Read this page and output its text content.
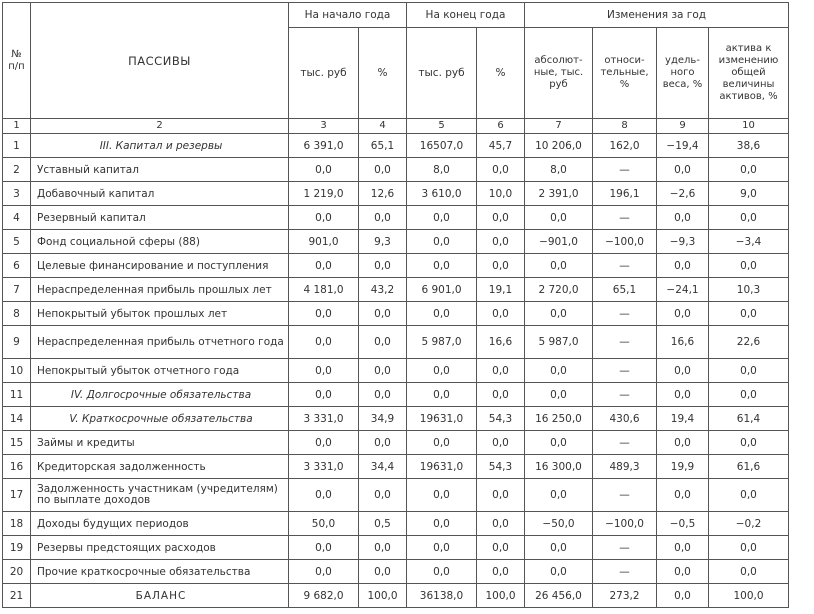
№ п/п	ПАССИВЫ	На начало года		На конец года		Изменения за год			
		тыс. руб	%	тыс. руб	%	абсолют-ные, тыс. руб	относи-тельные, %	удель-ного веса, %	актива к изменению общей величины активов, %
1	2	3	4	5	6	7	8	9	10
1	III. Капитал и резервы	6 391,0	65,1	16507,0	45,7	10 206,0	162,0	−19,4	38,6
2	Уставный капитал	0,0	0,0	8,0	0,0	8,0	—	0,0	0,0
3	Добавочный капитал	1 219,0	12,6	3 610,0	10,0	2 391,0	196,1	−2,6	9,0
4	Резервный капитал	0,0	0,0	0,0	0,0	0,0	—	0,0	0,0
5	Фонд социальной сферы (88)	901,0	9,3	0,0	0,0	−901,0	−100,0	−9,3	−3,4
6	Целевые финансирование и поступления	0,0	0,0	0,0	0,0	0,0	—	0,0	0,0
7	Нераспределенная прибыль прошлых лет	4 181,0	43,2	6 901,0	19,1	2 720,0	65,1	−24,1	10,3
8	Непокрытый убыток прошлых лет	0,0	0,0	0,0	0,0	0,0	—	0,0	0,0
9	Нераспределенная прибыль отчетного года	0,0	0,0	5 987,0	16,6	5 987,0	—	16,6	22,6
10	Непокрытый убыток отчетного года	0,0	0,0	0,0	0,0	0,0	—	0,0	0,0
11	IV. Долгосрочные обязательства	0,0	0,0	0,0	0,0	0,0	—	0,0	0,0
14	V. Краткосрочные обязательства	3 331,0	34,9	19631,0	54,3	16 250,0	430,6	19,4	61,4
15	Займы и кредиты	0,0	0,0	0,0	0,0	0,0	—	0,0	0,0
16	Кредиторская задолженность	3 331,0	34,4	19631,0	54,3	16 300,0	489,3	19,9	61,6
17	Задолженность участникам (учредителям) по выплате доходов	0,0	0,0	0,0	0,0	0,0	—	0,0	0,0
18	Доходы будущих периодов	50,0	0,5	0,0	0,0	−50,0	−100,0	−0,5	−0,2
19	Резервы предстоящих расходов	0,0	0,0	0,0	0,0	0,0	—	0,0	0,0
20	Прочие краткосрочные обязательства	0,0	0,0	0,0	0,0	0,0	—	0,0	0,0
21	БАЛАНС	9 682,0	100,0	36138,0	100,0	26 456,0	273,2	0,0	100,0
